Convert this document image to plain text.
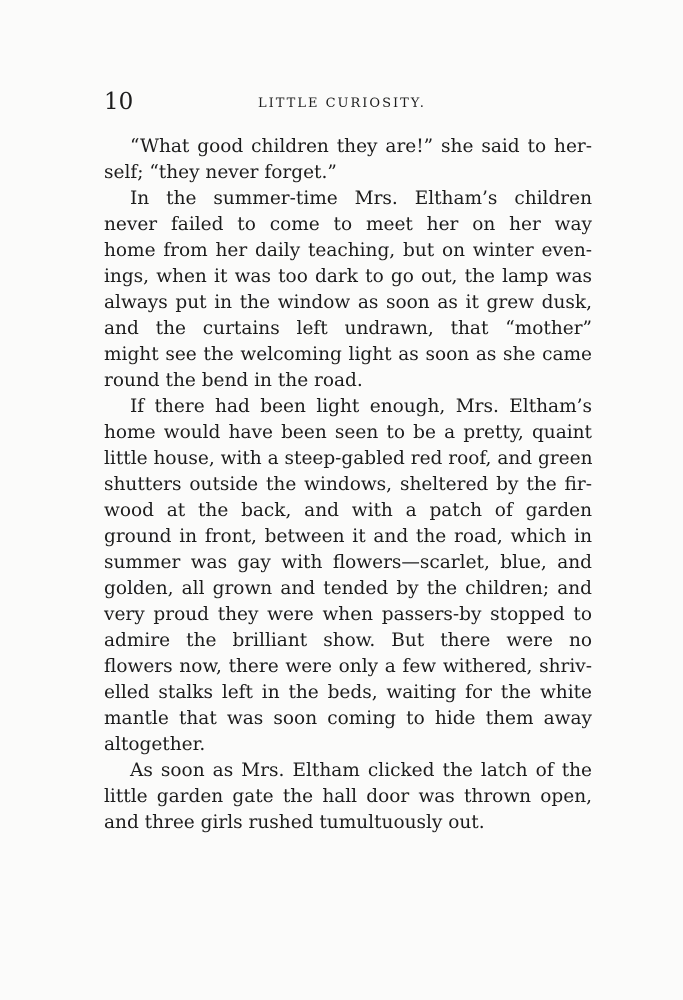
10	LITTLE CURIOSITY.

“What good children they are!” she said to her-
self; “they never forget.”

In the summer-time Mrs. Eltham’s children
never failed to come to meet her on her way
home from her daily teaching, but on winter even-
ings, when it was too dark to go out, the lamp was
always put in the window as soon as it grew dusk,
and the curtains left undrawn, that “mother”
might see the welcoming light as soon as she came
round the bend in the road.

If there had been light enough, Mrs. Eltham’s
home would have been seen to be a pretty, quaint
little house, with a steep-gabled red roof, and green
shutters outside the windows, sheltered by the fir-
wood at the back, and with a patch of garden
ground in front, between it and the road, which in
summer was gay with flowers—scarlet, blue, and
golden, all grown and tended by the children; and
very proud they were when passers-by stopped to
admire the brilliant show. But there were no
flowers now, there were only a few withered, shriv-
elled stalks left in the beds, waiting for the white
mantle that was soon coming to hide them away
altogether.

As soon as Mrs. Eltham clicked the latch of the
little garden gate the hall door was thrown open,
and three girls rushed tumultuously out.
